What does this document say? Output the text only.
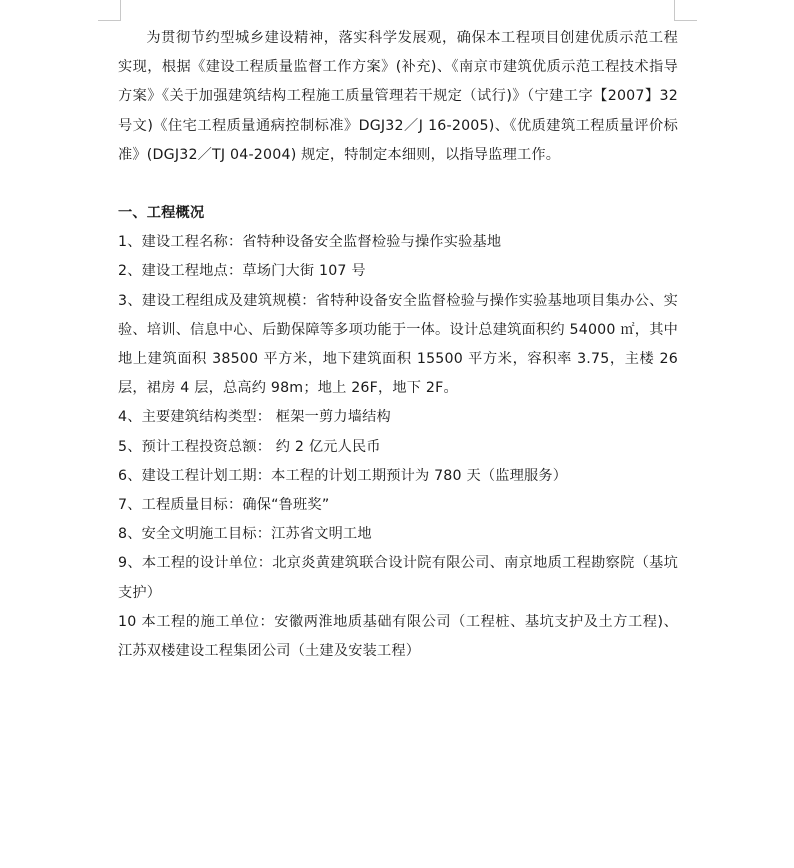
为贯彻节约型城乡建设精神，落实科学发展观，确保本工程项目创建优质示范工程实现，根据《建设工程质量监督工作方案》(补充)、《南京市建筑优质示范工程技术指导方案》《关于加强建筑结构工程施工质量管理若干规定（试行)》（宁建工字【2007】32号文)《住宅工程质量通病控制标准》DGJ32／J 16-2005)、《优质建筑工程质量评价标准》(DGJ32／TJ 04-2004) 规定，特制定本细则，以指导监理工作。

一、工程概况

1、建设工程名称：省特种设备安全监督检验与操作实验基地

2、建设工程地点：草场门大街 107 号

3、建设工程组成及建筑规模：省特种设备安全监督检验与操作实验基地项目集办公、实验、培训、信息中心、后勤保障等多项功能于一体。设计总建筑面积约 54000 ㎡，其中地上建筑面积 38500 平方米，地下建筑面积 15500 平方米，容积率 3.75，主楼 26 层，裙房 4 层，总高约 98m；地上 26F，地下 2F。

4、主要建筑结构类型： 框架一剪力墙结构

5、预计工程投资总额： 约 2 亿元人民币

6、建设工程计划工期：本工程的计划工期预计为 780 天（监理服务）

7、工程质量目标：确保“鲁班奖”

8、安全文明施工目标：江苏省文明工地

9、本工程的设计单位：北京炎黄建筑联合设计院有限公司、南京地质工程勘察院（基坑支护）

10 本工程的施工单位：安徽两淮地质基础有限公司（工程桩、基坑支护及土方工程)、江苏双楼建设工程集团公司（土建及安装工程）
